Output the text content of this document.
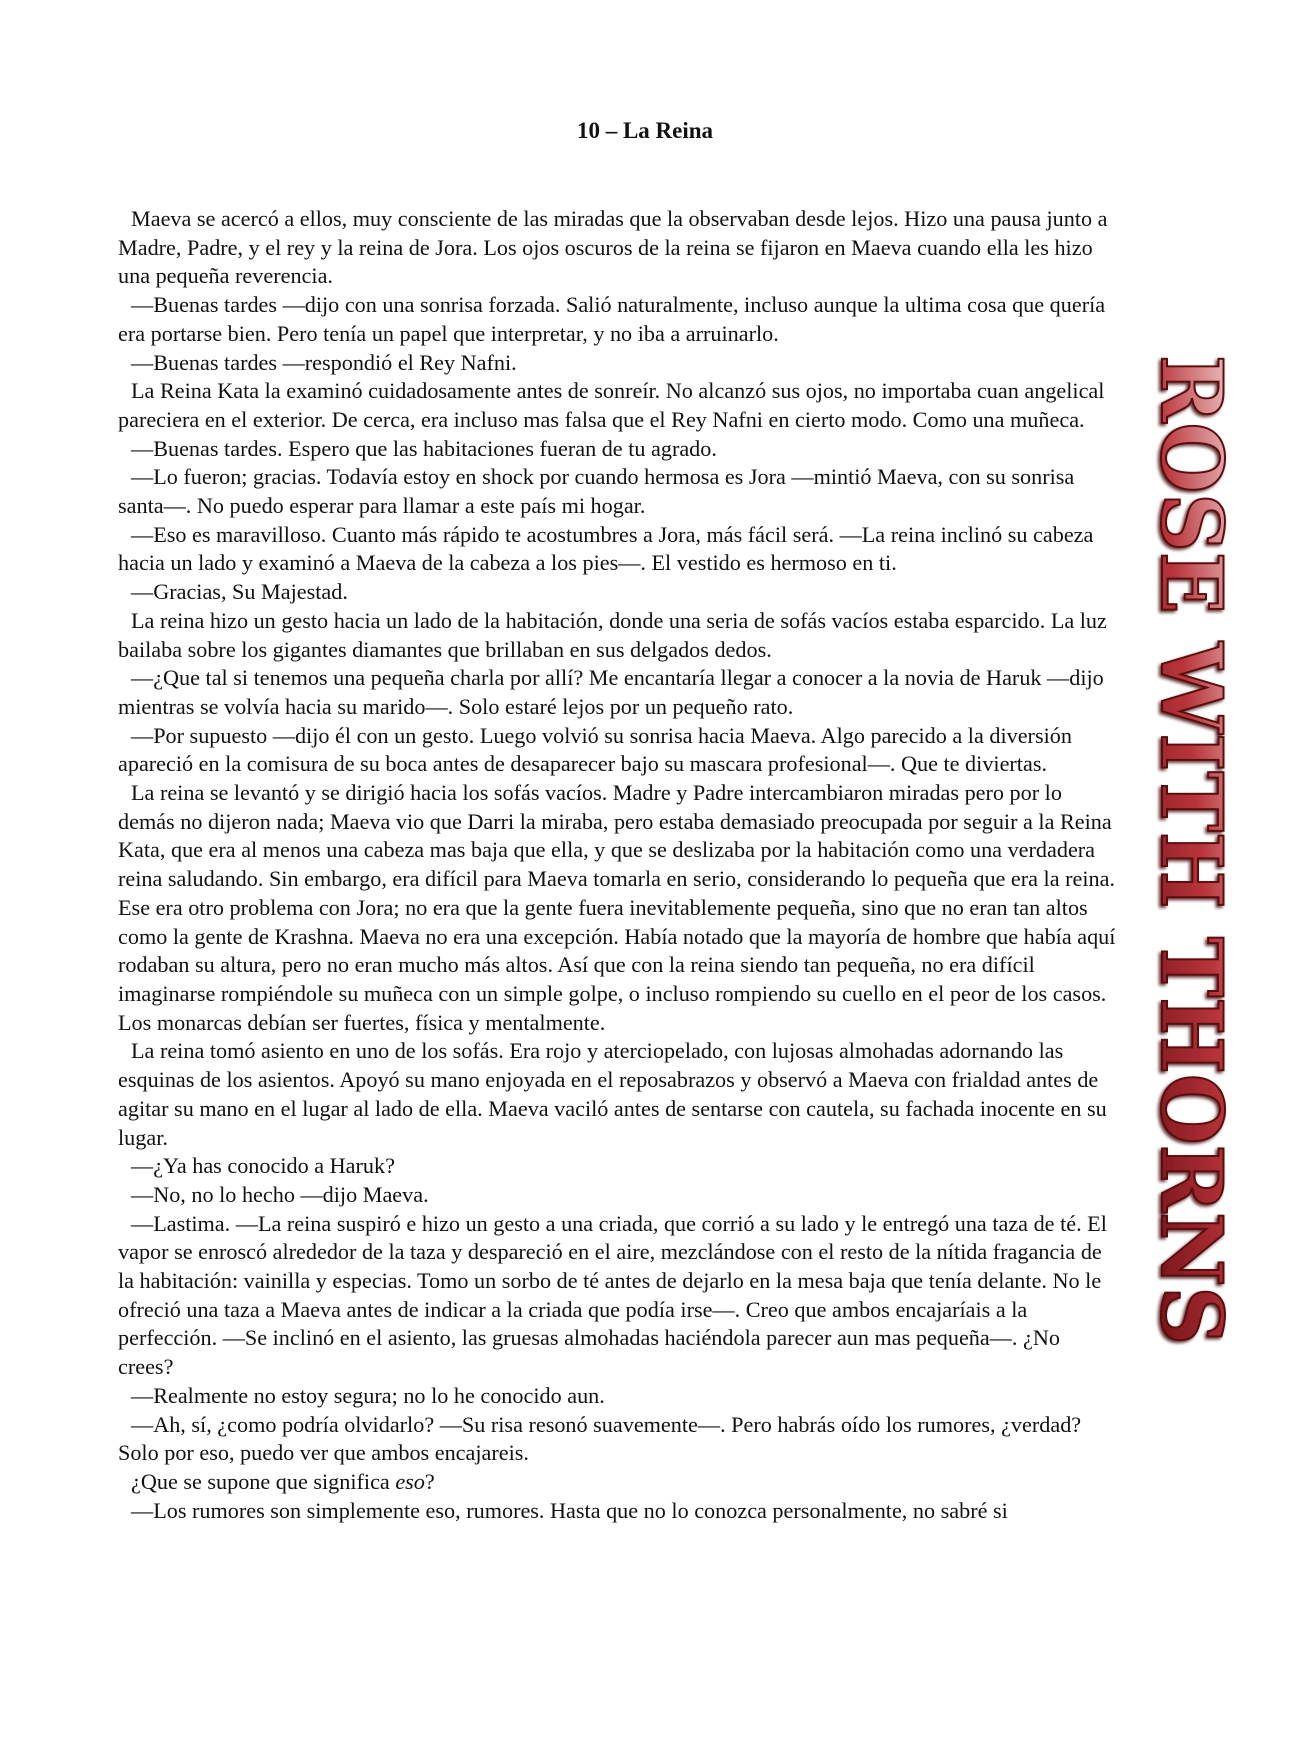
10 – La Reina

Maeva se acercó a ellos, muy consciente de las miradas que la observaban desde lejos. Hizo una pausa junto a Madre, Padre, y el rey y la reina de Jora. Los ojos oscuros de la reina se fijaron en Maeva cuando ella les hizo una pequeña reverencia.

—Buenas tardes —dijo con una sonrisa forzada. Salió naturalmente, incluso aunque la ultima cosa que quería era portarse bien. Pero tenía un papel que interpretar, y no iba a arruinarlo.

—Buenas tardes —respondió el Rey Nafni.

La Reina Kata la examinó cuidadosamente antes de sonreír. No alcanzó sus ojos, no importaba cuan angelical pareciera en el exterior. De cerca, era incluso mas falsa que el Rey Nafni en cierto modo. Como una muñeca.

—Buenas tardes. Espero que las habitaciones fueran de tu agrado.

—Lo fueron; gracias. Todavía estoy en shock por cuando hermosa es Jora —mintió Maeva, con su sonrisa santa—. No puedo esperar para llamar a este país mi hogar.

—Eso es maravilloso. Cuanto más rápido te acostumbres a Jora, más fácil será. —La reina inclinó su cabeza hacia un lado y examinó a Maeva de la cabeza a los pies—. El vestido es hermoso en ti.

—Gracias, Su Majestad.

La reina hizo un gesto hacia un lado de la habitación, donde una seria de sofás vacíos estaba esparcido. La luz bailaba sobre los gigantes diamantes que brillaban en sus delgados dedos.

—¿Que tal si tenemos una pequeña charla por allí? Me encantaría llegar a conocer a la novia de Haruk —dijo mientras se volvía hacia su marido—. Solo estaré lejos por un pequeño rato.

—Por supuesto —dijo él con un gesto. Luego volvió su sonrisa hacia Maeva. Algo parecido a la diversión apareció en la comisura de su boca antes de desaparecer bajo su mascara profesional—. Que te diviertas.

La reina se levantó y se dirigió hacia los sofás vacíos. Madre y Padre intercambiaron miradas pero por lo demás no dijeron nada; Maeva vio que Darri la miraba, pero estaba demasiado preocupada por seguir a la Reina Kata, que era al menos una cabeza mas baja que ella, y que se deslizaba por la habitación como una verdadera reina saludando. Sin embargo, era difícil para Maeva tomarla en serio, considerando lo pequeña que era la reina. Ese era otro problema con Jora; no era que la gente fuera inevitablemente pequeña, sino que no eran tan altos como la gente de Krashna. Maeva no era una excepción. Había notado que la mayoría de hombre que había aquí rodaban su altura, pero no eran mucho más altos. Así que con la reina siendo tan pequeña, no era difícil imaginarse rompiéndole su muñeca con un simple golpe, o incluso rompiendo su cuello en el peor de los casos. Los monarcas debían ser fuertes, física y mentalmente.

La reina tomó asiento en uno de los sofás. Era rojo y aterciopelado, con lujosas almohadas adornando las esquinas de los asientos. Apoyó su mano enjoyada en el reposabrazos y observó a Maeva con frialdad antes de agitar su mano en el lugar al lado de ella. Maeva vaciló antes de sentarse con cautela, su fachada inocente en su lugar.

—¿Ya has conocido a Haruk?

—No, no lo hecho —dijo Maeva.

—Lastima. —La reina suspiró e hizo un gesto a una criada, que corrió a su lado y le entregó una taza de té. El vapor se enroscó alrededor de la taza y despareció en el aire, mezclándose con el resto de la nítida fragancia de la habitación: vainilla y especias. Tomo un sorbo de té antes de dejarlo en la mesa baja que tenía delante. No le ofreció una taza a Maeva antes de indicar a la criada que podía irse—. Creo que ambos encajaríais a la perfección. —Se inclinó en el asiento, las gruesas almohadas haciéndola parecer aun mas pequeña—. ¿No crees?

—Realmente no estoy segura; no lo he conocido aun.

—Ah, sí, ¿como podría olvidarlo? —Su risa resonó suavemente—. Pero habrás oído los rumores, ¿verdad? Solo por eso, puedo ver que ambos encajareis.

¿Que se supone que significa eso?

—Los rumores son simplemente eso, rumores. Hasta que no lo conozca personalmente, no sabré si

ROSE WITH THORNS
